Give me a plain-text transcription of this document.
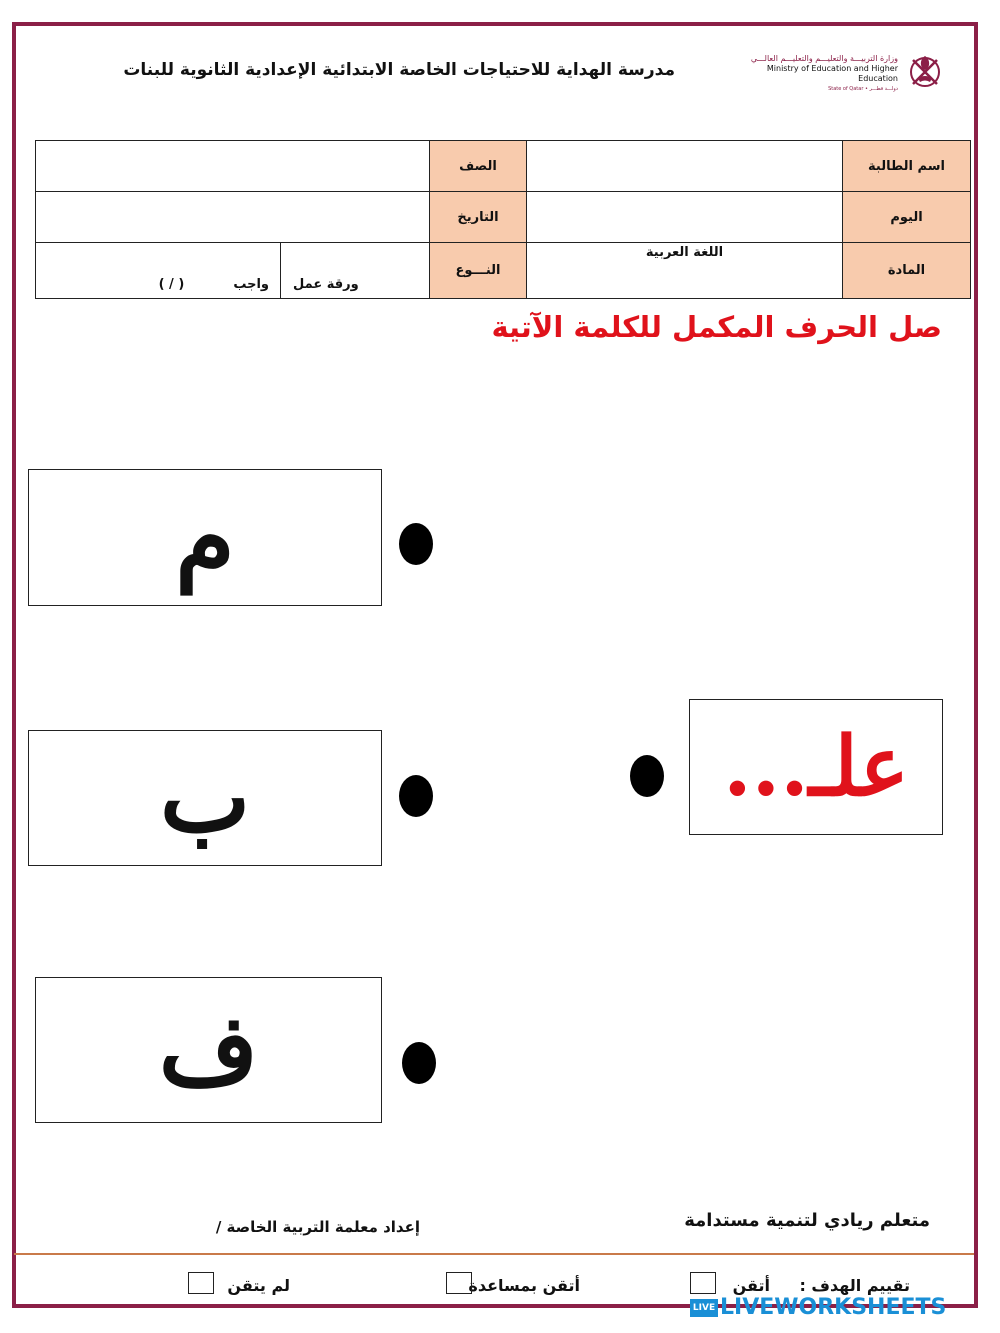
مدرسة الهداية للاحتياجات الخاصة الابتدائية الإعدادية الثانوية للبنات
وزارة التربيـــة والتعليـــم والتعليـــم العالـــي
Ministry of Education and Higher Education
State of Qatar • دولـــة قطـــر
اسم الطالبة		الصف		
اليوم		التاريخ		
المادة	اللغة العربية	النـــوع	ورقة عمل	واجب  ( / )
صل الحرف المكمل للكلمة الآتية
م
ب
ف
علـ...
متعلم ريادي لتنمية مستدامة
إعداد معلمة التربية الخاصة /
تقييم الهدف :
أتقن
أتقن بمساعدة
لم يتقن
LIVE LIVEWORKSHEETS
